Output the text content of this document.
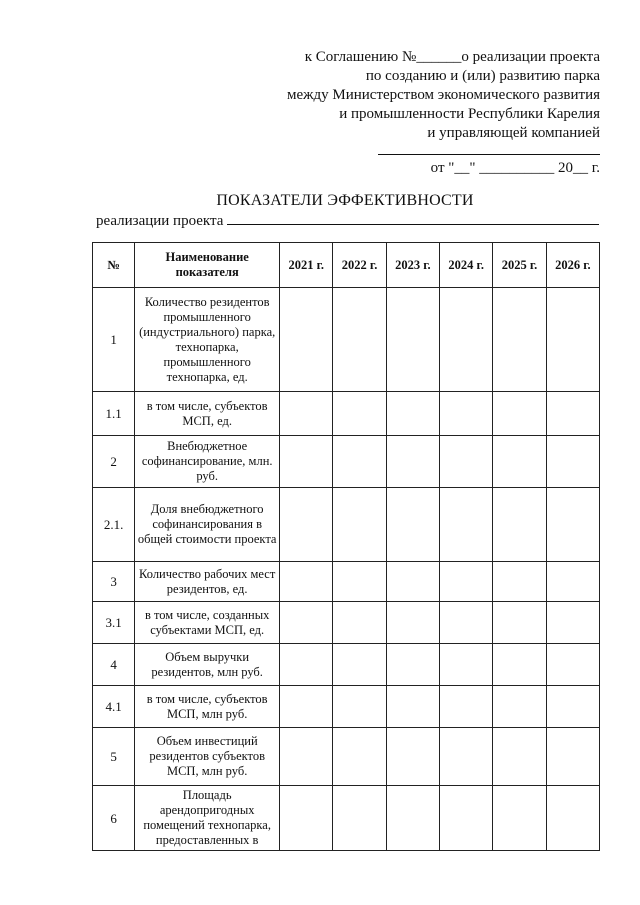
к Соглашению №______о реализации проекта
по созданию и (или) развитию парка
между Министерством экономического развития
и промышленности Республики Карелия
и управляющей компанией
от "__" __________ 20__ г.
ПОКАЗАТЕЛИ ЭФФЕКТИВНОСТИ
реализации проекта
№	Наименование показателя	2021 г.	2022 г.	2023 г.	2024 г.	2025 г.	2026 г.
1	Количество резидентов промышленного (индустриального) парка, технопарка, промышленного технопарка, ед.						
1.1	в том числе, субъектов МСП, ед.						
2	Внебюджетное софинансирование, млн. руб.						
2.1.	Доля внебюджетного софинансирования в общей стоимости проекта						
3	Количество рабочих мест резидентов, ед.						
3.1	в том числе, созданных субъектами МСП, ед.						
4	Объем выручки резидентов, млн руб.						
4.1	в том числе, субъектов МСП, млн руб.						
5	Объем инвестиций резидентов субъектов МСП, млн руб.						
6	Площадь арендопригодных помещений технопарка, предоставленных в						
